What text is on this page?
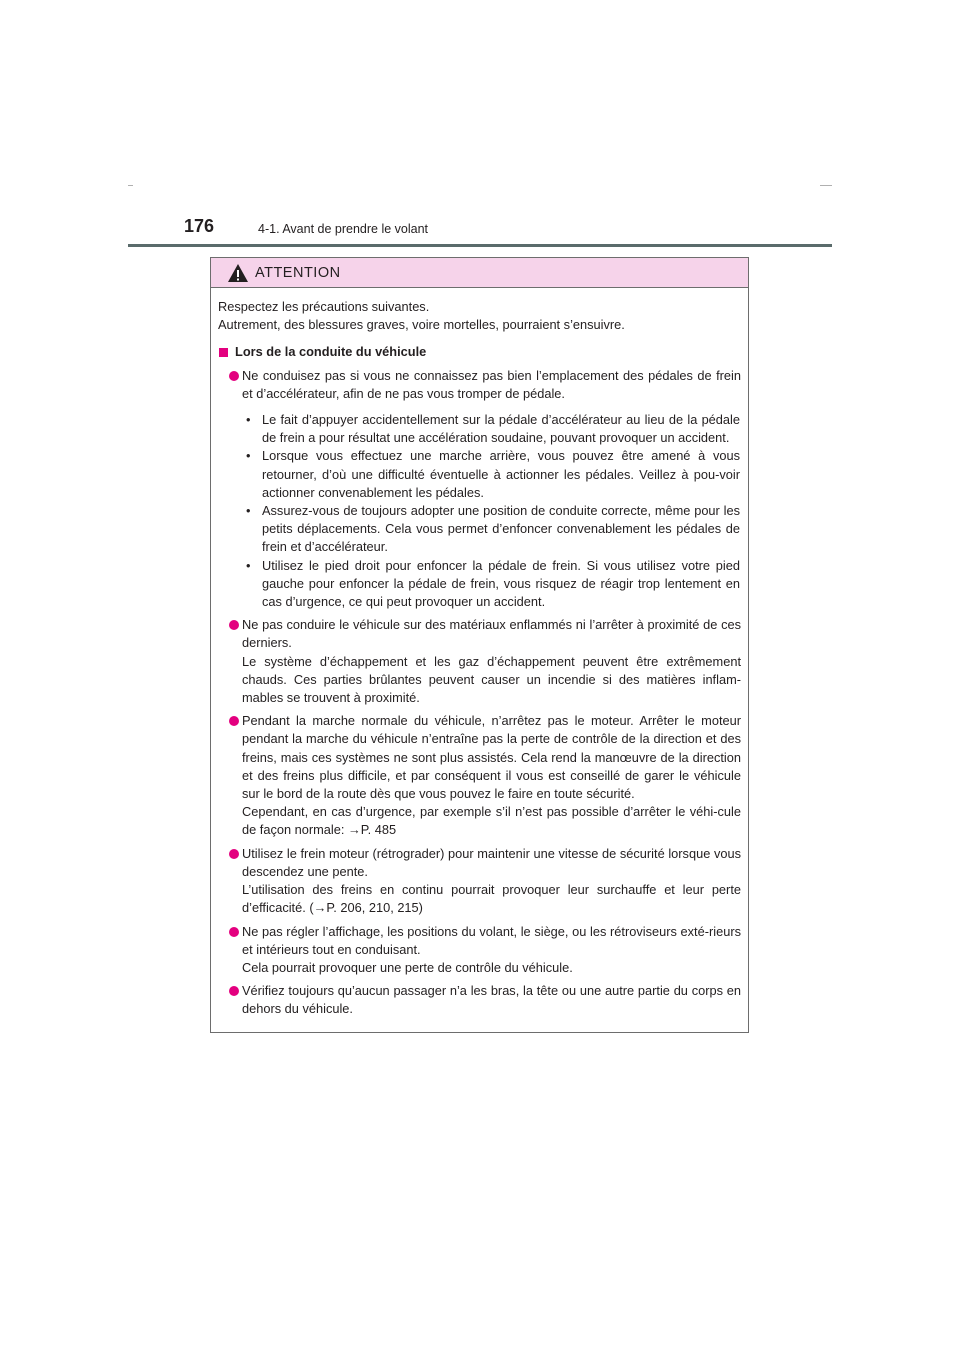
176	4-1. Avant de prendre le volant
ATTENTION

Respectez les précautions suivantes.

Autrement, des blessures graves, voire mortelles, pourraient s’ensuivre.

Lors de la conduite du véhicule

Ne conduisez pas si vous ne connaissez pas bien l’emplacement des pédales de frein et d’accélérateur, afin de ne pas vous tromper de pédale.

• Le fait d’appuyer accidentellement sur la pédale d’accélérateur au lieu de la pédale de frein a pour résultat une accélération soudaine, pouvant provoquer un accident.
• Lorsque vous effectuez une marche arrière, vous pouvez être amené à vous retourner, d’où une difficulté éventuelle à actionner les pédales. Veillez à pou-voir actionner convenablement les pédales.
• Assurez-vous de toujours adopter une position de conduite correcte, même pour les petits déplacements. Cela vous permet d’enfoncer convenablement les pédales de frein et d’accélérateur.
• Utilisez le pied droit pour enfoncer la pédale de frein. Si vous utilisez votre pied gauche pour enfoncer la pédale de frein, vous risquez de réagir trop lentement en cas d’urgence, ce qui peut provoquer un accident.

Ne pas conduire le véhicule sur des matériaux enflammés ni l’arrêter à proximité de ces derniers.

Le système d’échappement et les gaz d’échappement peuvent être extrêmement chauds. Ces parties brûlantes peuvent causer un incendie si des matières inflam-mables se trouvent à proximité.

Pendant la marche normale du véhicule, n’arrêtez pas le moteur. Arrêter le moteur pendant la marche du véhicule n’entraîne pas la perte de contrôle de la direction et des freins, mais ces systèmes ne sont plus assistés. Cela rend la manœuvre de la direction et des freins plus difficile, et par conséquent il vous est conseillé de garer le véhicule sur le bord de la route dès que vous pouvez le faire en toute sécurité.

Cependant, en cas d’urgence, par exemple s’il n’est pas possible d’arrêter le véhi-cule de façon normale: →P. 485

Utilisez le frein moteur (rétrograder) pour maintenir une vitesse de sécurité lorsque vous descendez une pente.

L’utilisation des freins en continu pourrait provoquer leur surchauffe et leur perte d’efficacité. (→P. 206, 210, 215)

Ne pas régler l’affichage, les positions du volant, le siège, ou les rétroviseurs exté-rieurs et intérieurs tout en conduisant.

Cela pourrait provoquer une perte de contrôle du véhicule.

Vérifiez toujours qu’aucun passager n’a les bras, la tête ou une autre partie du corps en dehors du véhicule.
